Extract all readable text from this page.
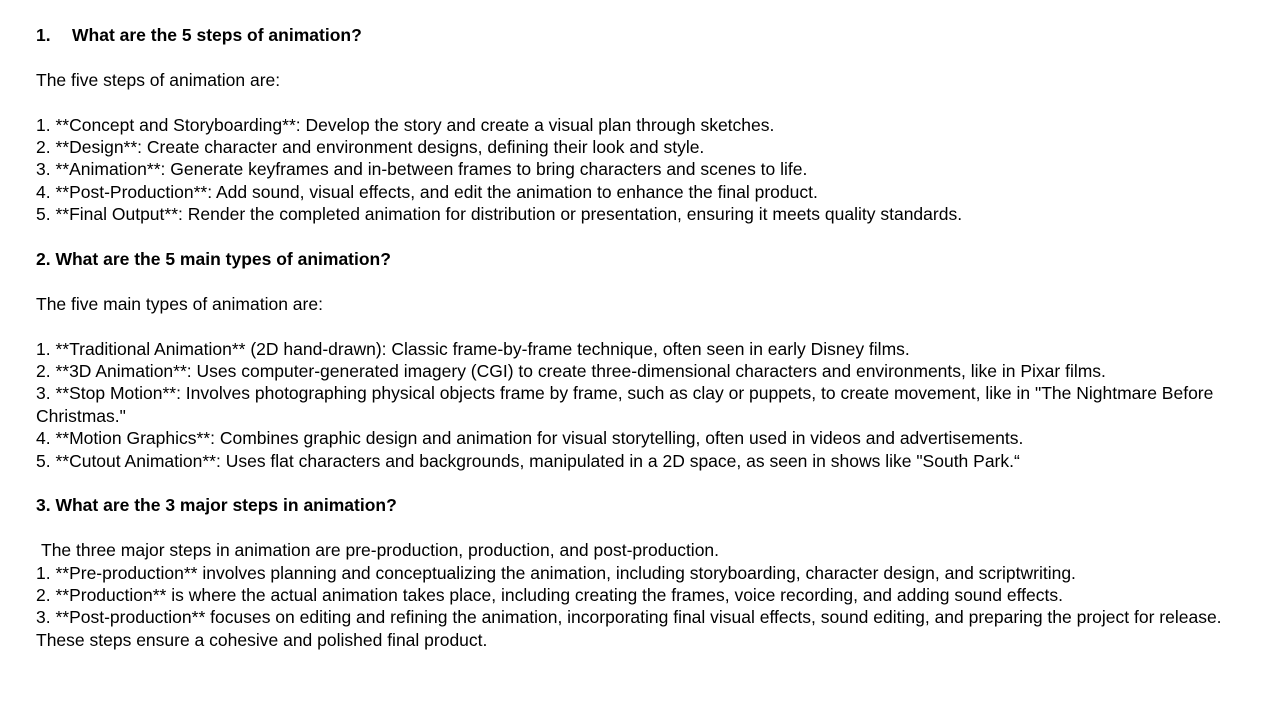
1. What are the 5 steps of animation?

The five steps of animation are:

1. **Concept and Storyboarding**: Develop the story and create a visual plan through sketches.

2. **Design**: Create character and environment designs, defining their look and style.

3. **Animation**: Generate keyframes and in-between frames to bring characters and scenes to life.

4. **Post-Production**: Add sound, visual effects, and edit the animation to enhance the final product.

5. **Final Output**: Render the completed animation for distribution or presentation, ensuring it meets quality standards.

2. What are the 5 main types of animation?

The five main types of animation are:

1. **Traditional Animation** (2D hand-drawn): Classic frame-by-frame technique, often seen in early Disney films.

2. **3D Animation**: Uses computer-generated imagery (CGI) to create three-dimensional characters and environments, like in Pixar films.

3. **Stop Motion**: Involves photographing physical objects frame by frame, such as clay or puppets, to create movement, like in "The Nightmare Before Christmas."

4. **Motion Graphics**: Combines graphic design and animation for visual storytelling, often used in videos and advertisements.

5. **Cutout Animation**: Uses flat characters and backgrounds, manipulated in a 2D space, as seen in shows like "South Park.“

3. What are the 3 major steps in animation?

The three major steps in animation are pre-production, production, and post-production.

1. **Pre-production** involves planning and conceptualizing the animation, including storyboarding, character design, and scriptwriting.

2. **Production** is where the actual animation takes place, including creating the frames, voice recording, and adding sound effects.

3. **Post-production** focuses on editing and refining the animation, incorporating final visual effects, sound editing, and preparing the project for release. These steps ensure a cohesive and polished final product.
